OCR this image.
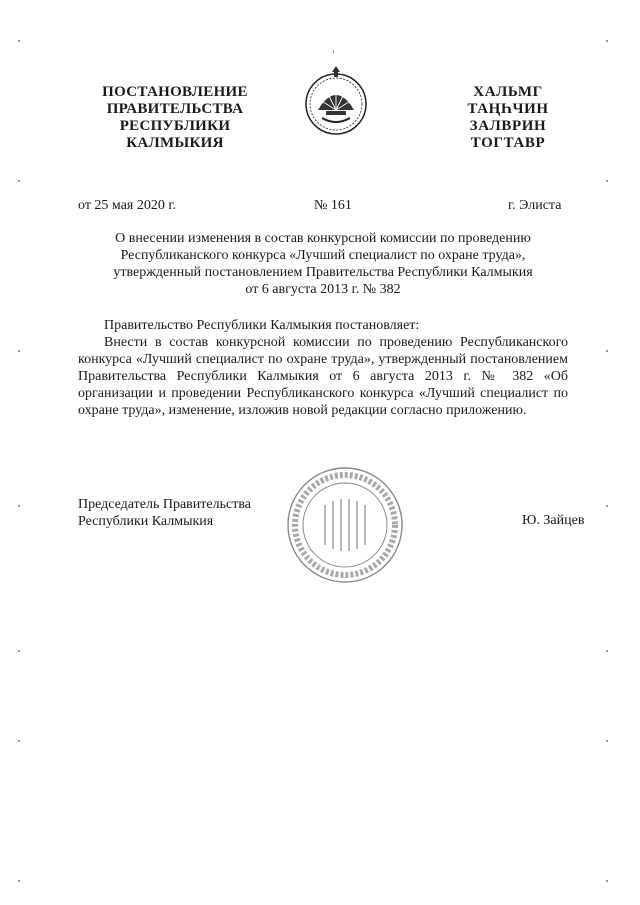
ПОСТАНОВЛЕНИЕ
ПРАВИТЕЛЬСТВА
РЕСПУБЛИКИ
КАЛМЫКИЯ
ХАЛЬМГ
ТАҢҺЧИН
ЗАЛВРИН
ТОГТАВР
от 25 мая 2020 г.	№ 161	г. Элиста
О внесении изменения в состав конкурсной комиссии по проведению
Республиканского конкурса «Лучший специалист по охране труда»,
утвержденный постановлением Правительства Республики Калмыкия
от 6 августа 2013 г. № 382
Правительство Республики Калмыкия постановляет:
Внести в состав конкурсной комиссии по проведению Республиканского конкурса «Лучший специалист по охране труда», утвержденный постановлением Правительства Республики Калмыкия от 6 августа 2013 г. № 382 «Об организации и проведении Республиканского конкурса «Лучший специалист по охране труда», изменение, изложив новой редакции согласно приложению.
Председатель Правительства
Республики Калмыкия	Ю. Зайцев
